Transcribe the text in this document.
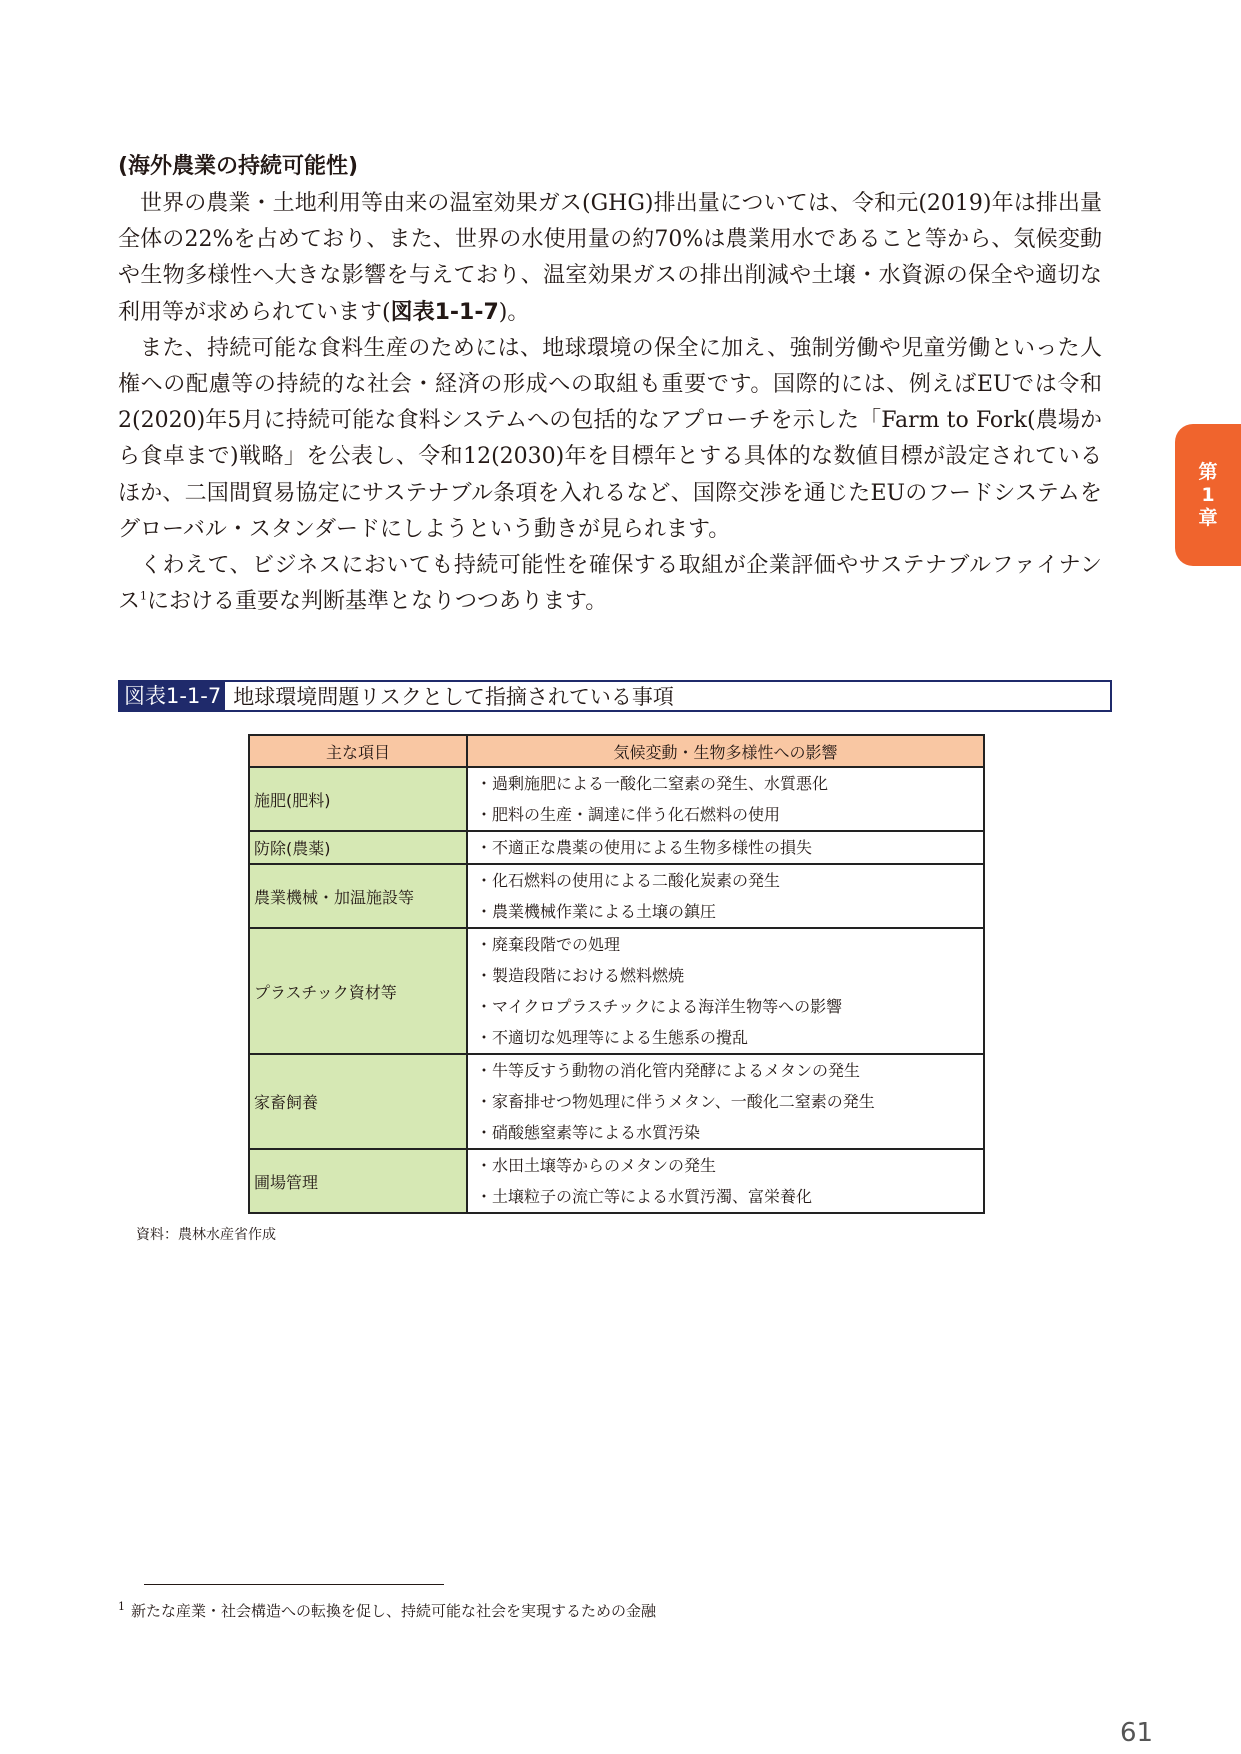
(海外農業の持続可能性)

世界の農業・土地利用等由来の温室効果ガス(GHG)排出量については、令和元(2019)年は排出量全体の22%を占めており、また、世界の水使用量の約70%は農業用水であること等から、気候変動や生物多様性へ大きな影響を与えており、温室効果ガスの排出削減や土壌・水資源の保全や適切な利用等が求められています(図表1-1-7)。

また、持続可能な食料生産のためには、地球環境の保全に加え、強制労働や児童労働といった人権への配慮等の持続的な社会・経済の形成への取組も重要です。国際的には、例えばEUでは令和2(2020)年5月に持続可能な食料システムへの包括的なアプローチを示した「Farm to Fork(農場から食卓まで)戦略」を公表し、令和12(2030)年を目標年とする具体的な数値目標が設定されているほか、二国間貿易協定にサステナブル条項を入れるなど、国際交渉を通じたEUのフードシステムをグローバル・スタンダードにしようという動きが見られます。

くわえて、ビジネスにおいても持続可能性を確保する取組が企業評価やサステナブルファイナンス$^1$における重要な判断基準となりつつあります。

第
1
章
図表1-1-7 地球環境問題リスクとして指摘されている事項
主な項目	気候変動・生物多様性への影響
施肥(肥料)	・過剰施肥による一酸化二窒素の発生、水質悪化
・肥料の生産・調達に伴う化石燃料の使用

防除(農薬)	・不適正な農薬の使用による生物多様性の損失

農業機械・加温施設等	・化石燃料の使用による二酸化炭素の発生
・農業機械作業による土壌の鎮圧

プラスチック資材等	・廃棄段階での処理
・製造段階における燃料燃焼
・マイクロプラスチックによる海洋生物等への影響
・不適切な処理等による生態系の攪乱

家畜飼養	・牛等反すう動物の消化管内発酵によるメタンの発生
・家畜排せつ物処理に伴うメタン、一酸化二窒素の発生
・硝酸態窒素等による水質汚染

圃場管理	・水田土壌等からのメタンの発生
・土壌粒子の流亡等による水質汚濁、富栄養化
資料：農林水産省作成
$^1$ 新たな産業・社会構造への転換を促し、持続可能な社会を実現するための金融
61
